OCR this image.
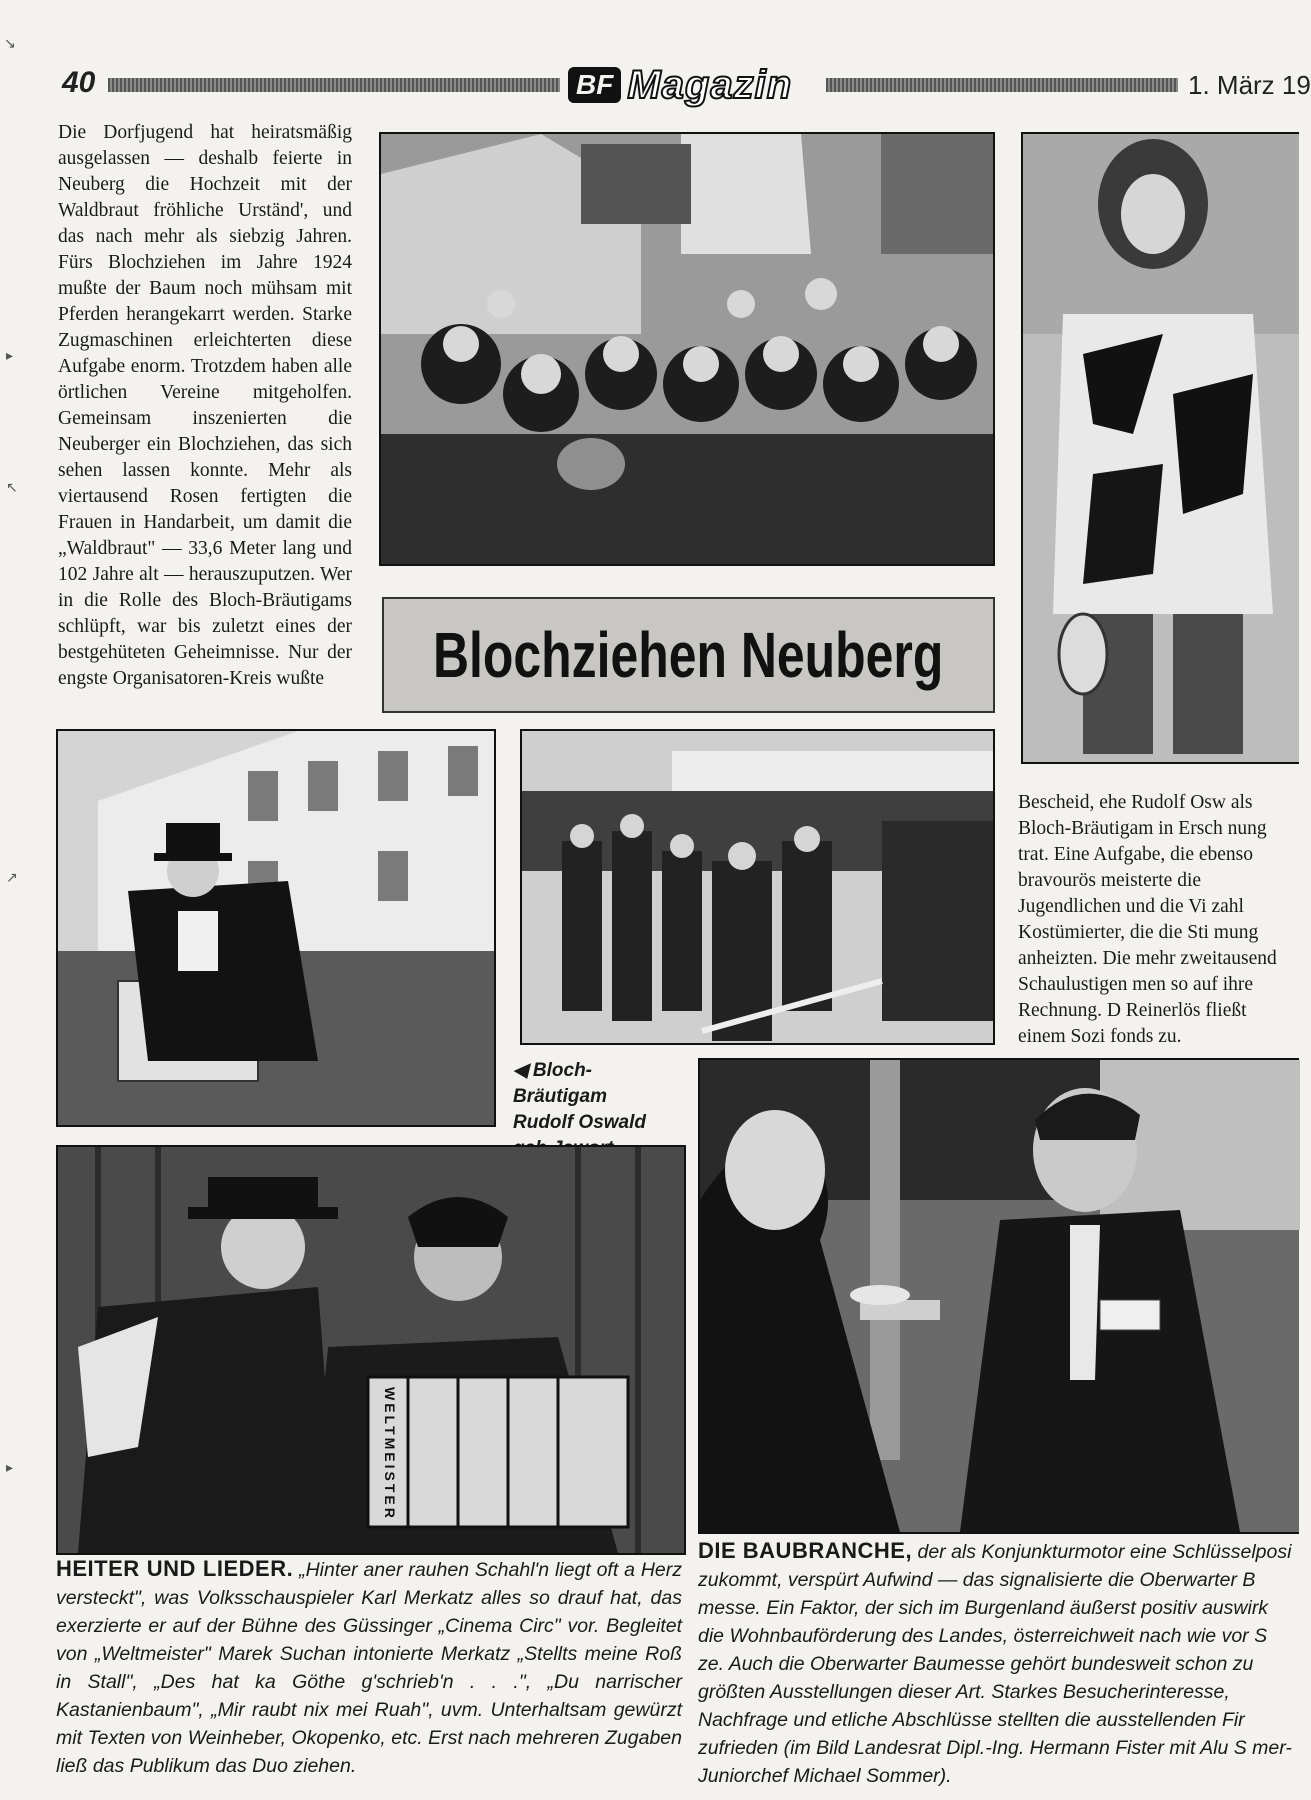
↘
▸
↖
↗
▸
40	BF Magazin	1. März 19
Die Dorfjugend hat heiratsmäßig ausgelassen — deshalb feierte in Neuberg die Hochzeit mit der Waldbraut fröhliche Urständ', und das nach mehr als siebzig Jahren. Fürs Blochziehen im Jahre 1924 mußte der Baum noch mühsam mit Pferden herangekarrt werden. Starke Zugmaschinen erleichterten diese Aufgabe enorm. Trotzdem haben alle örtlichen Vereine mitgeholfen. Gemeinsam inszenierten die Neuberger ein Blochziehen, das sich sehen lassen konnte. Mehr als viertausend Rosen fertigten die Frauen in Handarbeit, um damit die „Waldbraut" — 33,6 Meter lang und 102 Jahre alt — herauszuputzen. Wer in die Rolle des Bloch-Bräutigams schlüpft, war bis zuletzt eines der bestgehüteten Geheimnisse. Nur der engste Organisatoren-Kreis wußte	Blochziehen Neuberg
◀ Bloch-Bräutigam Rudolf Oswald
Bescheid, ehe Rudolf Osw als Bloch-Bräutigam in Ersch nung trat. Eine Aufgabe, die ebenso bravourös meisterte die Jugendlichen und die Vi zahl Kostümierter, die die Sti mung anheizten. Die mehr zweitausend Schaulustigen men so auf ihre Rechnung. D Reinerlös fließt einem Sozi fonds zu.
WELTMEISTER
HEITER UND LIEDER. „Hinter aner rauhen Schahl'n liegt oft a Herz versteckt", was Volksschauspieler Karl Merkatz alles so drauf hat, das exerzierte er auf der Bühne des Güssinger „Cinema Circ" vor. Begleitet von „Weltmeister" Marek Suchan intonierte Merkatz „Stellts meine Roß in Stall", „Des hat ka Göthe g'schrieb'n . . .", „Du narrischer Kastanienbaum", „Mir raubt nix mei Ruah", uvm. Unterhaltsam gewürzt mit Texten von Weinheber, Okopenko, etc. Erst nach mehreren Zugaben ließ das Publikum das Duo ziehen.
DIE BAUBRANCHE, der als Konjunkturmotor eine Schlüsselposi zukommt, verspürt Aufwind — das signalisierte die Oberwarter B messe. Ein Faktor, der sich im Burgenland äußerst positiv auswirk die Wohnbauförderung des Landes, österreichweit nach wie vor S ze. Auch die Oberwarter Baumesse gehört bundesweit schon zu größten Ausstellungen dieser Art. Starkes Besucherinteresse, Nachfrage und etliche Abschlüsse stellten die ausstellenden Fir zufrieden (im Bild Landesrat Dipl.-Ing. Hermann Fister mit Alu S mer-Juniorchef Michael Sommer).
